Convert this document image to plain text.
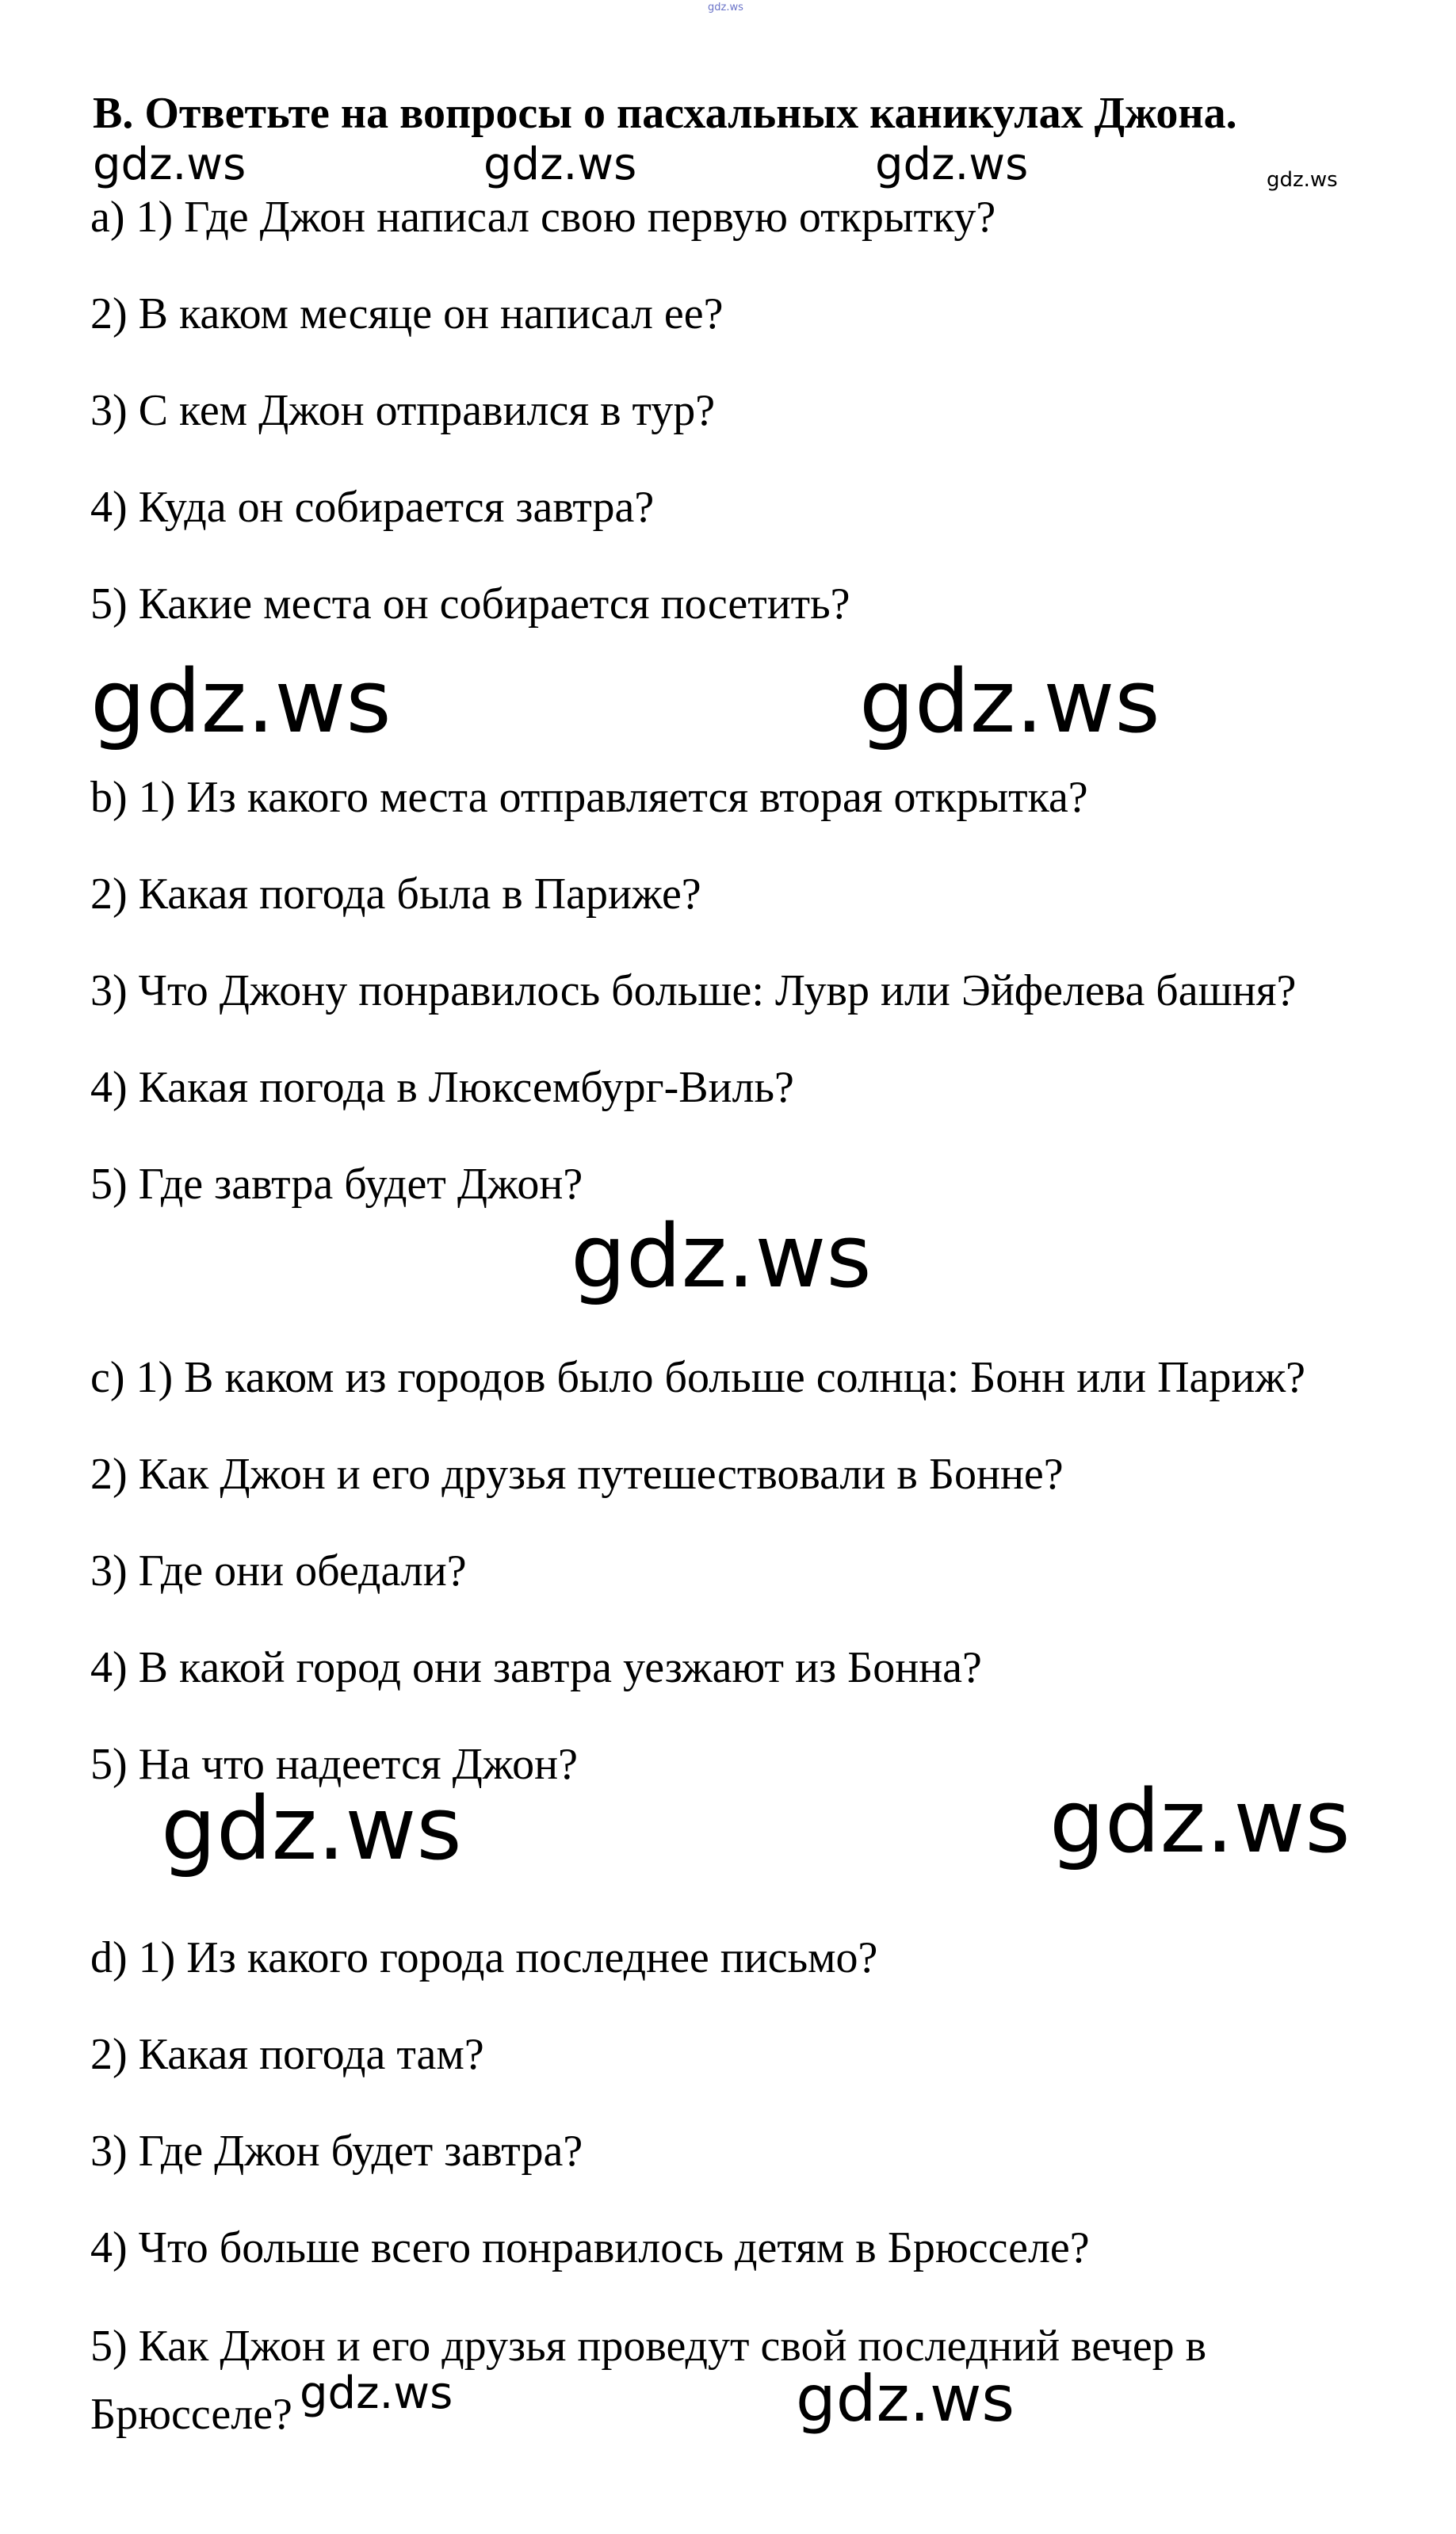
gdz.ws
B. Ответьте на вопросы о пасхальных каникулах Джона.
gdz.ws	gdz.ws	gdz.ws	gdz.ws
а) 1) Где Джон написал свою первую открытку?
2) В каком месяце он написал ее?
3) С кем Джон отправился в тур?
4) Куда он собирается завтра?
5) Какие места он собирается посетить?
gdz.ws	gdz.ws
b) 1) Из какого места отправляется вторая открытка?
2) Какая погода была в Париже?
3) Что Джону понравилось больше: Лувр или Эйфелева башня?
4) Какая погода в Люксембург-Виль?
5) Где завтра будет Джон?
gdz.ws
с) 1) В каком из городов было больше солнца: Бонн или Париж?
2) Как Джон и его друзья путешествовали в Бонне?
3) Где они обедали?
4) В какой город они завтра уезжают из Бонна?
5) На что надеется Джон?
gdz.ws	gdz.ws
d) 1) Из какого города последнее письмо?
2) Какая погода там?
3) Где Джон будет завтра?
4) Что больше всего понравилось детям в Брюсселе?
5) Как Джон и его друзья проведут свой последний вечер в Брюсселе? gdz.ws	gdz.ws
